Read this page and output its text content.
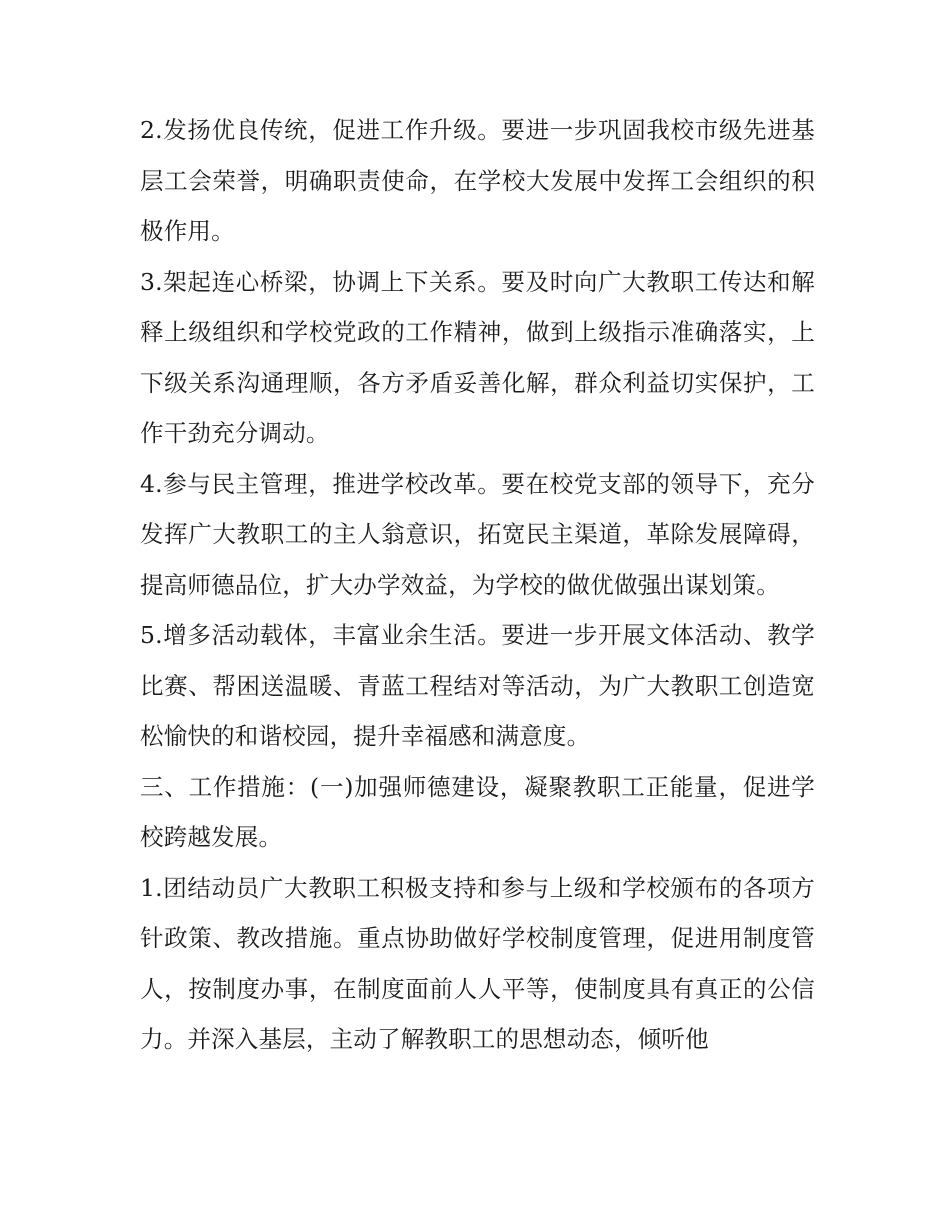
2.发扬优良传统，促进工作升级。要进一步巩固我校市级先进基层工会荣誉，明确职责使命，在学校大发展中发挥工会组织的积极作用。

3.架起连心桥梁，协调上下关系。要及时向广大教职工传达和解释上级组织和学校党政的工作精神，做到上级指示准确落实，上下级关系沟通理顺，各方矛盾妥善化解，群众利益切实保护，工作干劲充分调动。

4.参与民主管理，推进学校改革。要在校党支部的领导下，充分发挥广大教职工的主人翁意识，拓宽民主渠道，革除发展障碍，提高师德品位，扩大办学效益，为学校的做优做强出谋划策。

5.增多活动载体，丰富业余生活。要进一步开展文体活动、教学比赛、帮困送温暖、青蓝工程结对等活动，为广大教职工创造宽松愉快的和谐校园，提升幸福感和满意度。

三、工作措施：(一)加强师德建设，凝聚教职工正能量，促进学校跨越发展。

1.团结动员广大教职工积极支持和参与上级和学校颁布的各项方针政策、教改措施。重点协助做好学校制度管理，促进用制度管人，按制度办事，在制度面前人人平等，使制度具有真正的公信力。并深入基层，主动了解教职工的思想动态，倾听他
